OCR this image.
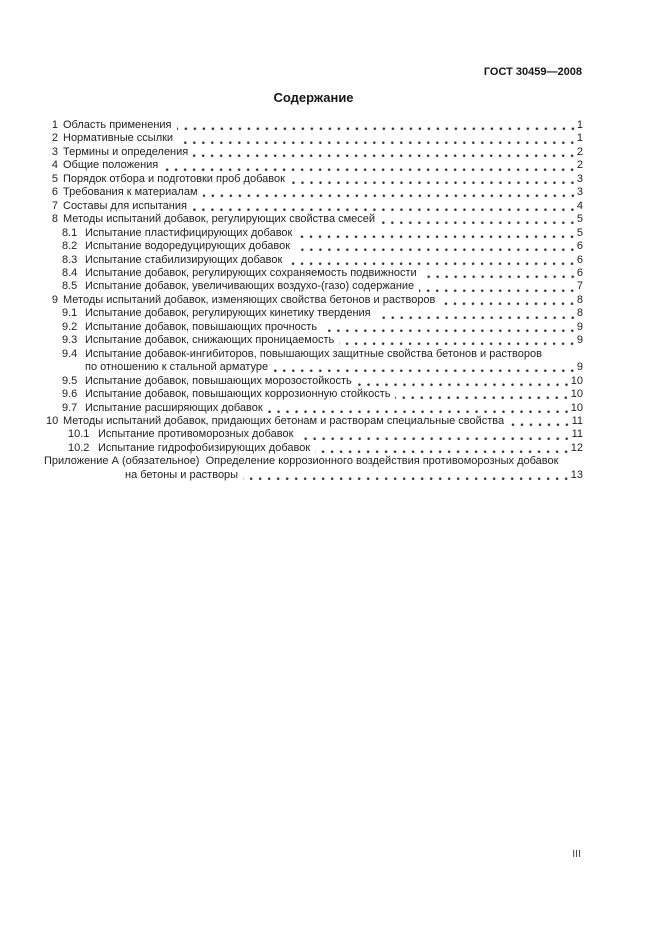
ГОСТ 30459—2008
Содержание
1 Область применения	1
2 Нормативные ссылки	1
3 Термины и определения	2
4 Общие положения	2
5 Порядок отбора и подготовки проб добавок	3
6 Требования к материалам	3
7 Составы для испытания	4
8 Методы испытаний добавок, регулирующих свойства смесей	5
8.1 Испытание пластифицирующих добавок	5
8.2 Испытание водоредуцирующих добавок	6
8.3 Испытание стабилизирующих добавок	6
8.4 Испытание добавок, регулирующих сохраняемость подвижности	6
8.5 Испытание добавок, увеличивающих воздухо-(газо) содержание	7
9 Методы испытаний добавок, изменяющих свойства бетонов и растворов	8
9.1 Испытание добавок, регулирующих кинетику твердения	8
9.2 Испытание добавок, повышающих прочность	9
9.3 Испытание добавок, снижающих проницаемость	9
9.4 Испытание добавок-ингибиторов, повышающих защитные свойства бетонов и растворов
по отношению к стальной арматуре	9
9.5 Испытание добавок, повышающих морозостойкость	10
9.6 Испытание добавок, повышающих коррозионную стойкость	10
9.7 Испытание расширяющих добавок	10
10 Методы испытаний добавок, придающих бетонам и растворам специальные свойства	11
10.1 Испытание противоморозных добавок	11
10.2 Испытание гидрофобизирующих добавок	12
Приложение А (обязательное)  Определение коррозионного воздействия противоморозных добавок
на бетоны и растворы	13
III
